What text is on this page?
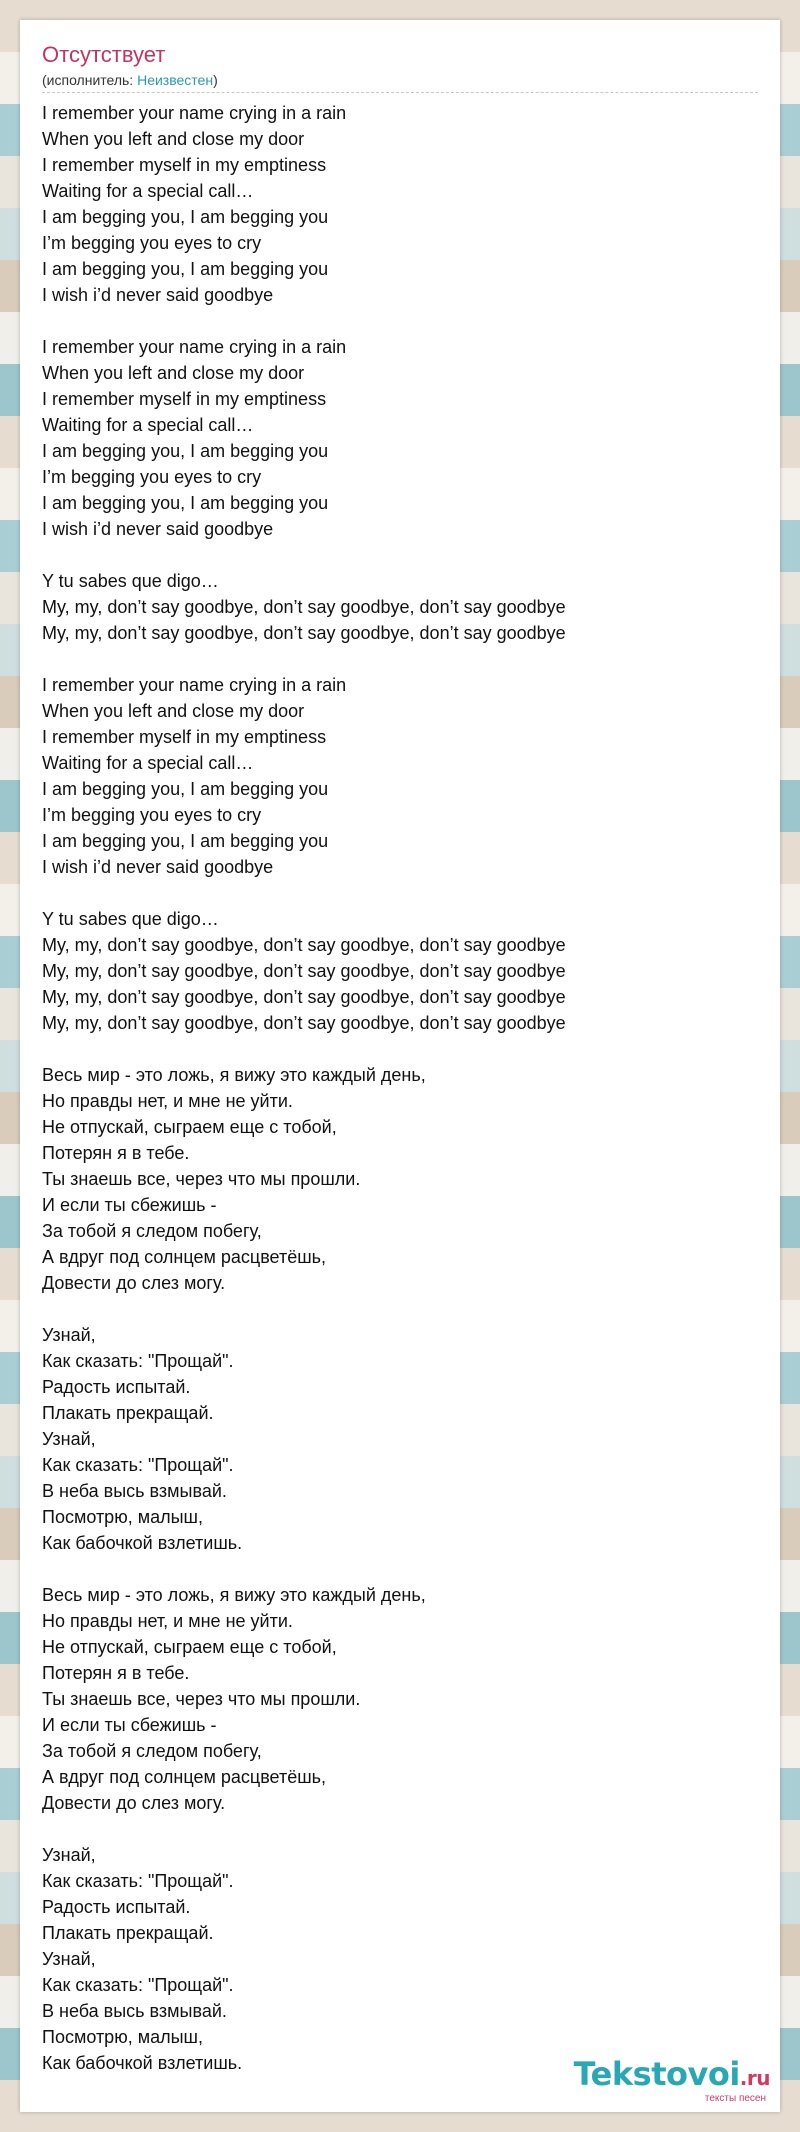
Отсутствует
(исполнитель: Неизвестен)
I remember your name crying in a rain
When you left and close my door
I remember myself in my emptiness
Waiting for a special call…
I am begging you, I am begging you
I’m begging you eyes to cry
I am begging you, I am begging you
I wish i’d never said goodbye
I remember your name crying in a rain
When you left and close my door
I remember myself in my emptiness
Waiting for a special call…
I am begging you, I am begging you
I’m begging you eyes to cry
I am begging you, I am begging you
I wish i’d never said goodbye
Y tu sabes que digo…
My, my, don’t say goodbye, don’t say goodbye, don’t say goodbye
My, my, don’t say goodbye, don’t say goodbye, don’t say goodbye
I remember your name crying in a rain
When you left and close my door
I remember myself in my emptiness
Waiting for a special call…
I am begging you, I am begging you
I’m begging you eyes to cry
I am begging you, I am begging you
I wish i’d never said goodbye
Y tu sabes que digo…
My, my, don’t say goodbye, don’t say goodbye, don’t say goodbye
My, my, don’t say goodbye, don’t say goodbye, don’t say goodbye
My, my, don’t say goodbye, don’t say goodbye, don’t say goodbye
My, my, don’t say goodbye, don’t say goodbye, don’t say goodbye
Весь мир - это ложь, я вижу это каждый день,
Но правды нет, и мне не уйти.
Не отпускай, сыграем еще с тобой,
Потерян я в тебе.
Ты знаешь все, через что мы прошли.
И если ты сбежишь -
За тобой я следом побегу,
А вдруг под солнцем расцветёшь,
Довести до слез могу.
Узнай,
Как сказать: "Прощай".
Радость испытай.
Плакать прекращай.
Узнай,
Как сказать: "Прощай".
В неба высь взмывай.
Посмотрю, малыш,
Как бабочкой взлетишь.
Весь мир - это ложь, я вижу это каждый день,
Но правды нет, и мне не уйти.
Не отпускай, сыграем еще с тобой,
Потерян я в тебе.
Ты знаешь все, через что мы прошли.
И если ты сбежишь -
За тобой я следом побегу,
А вдруг под солнцем расцветёшь,
Довести до слез могу.
Узнай,
Как сказать: "Прощай".
Радость испытай.
Плакать прекращай.
Узнай,
Как сказать: "Прощай".
В неба высь взмывай.
Посмотрю, малыш,
Как бабочкой взлетишь.	Tekstovoi.ru
тексты песен
